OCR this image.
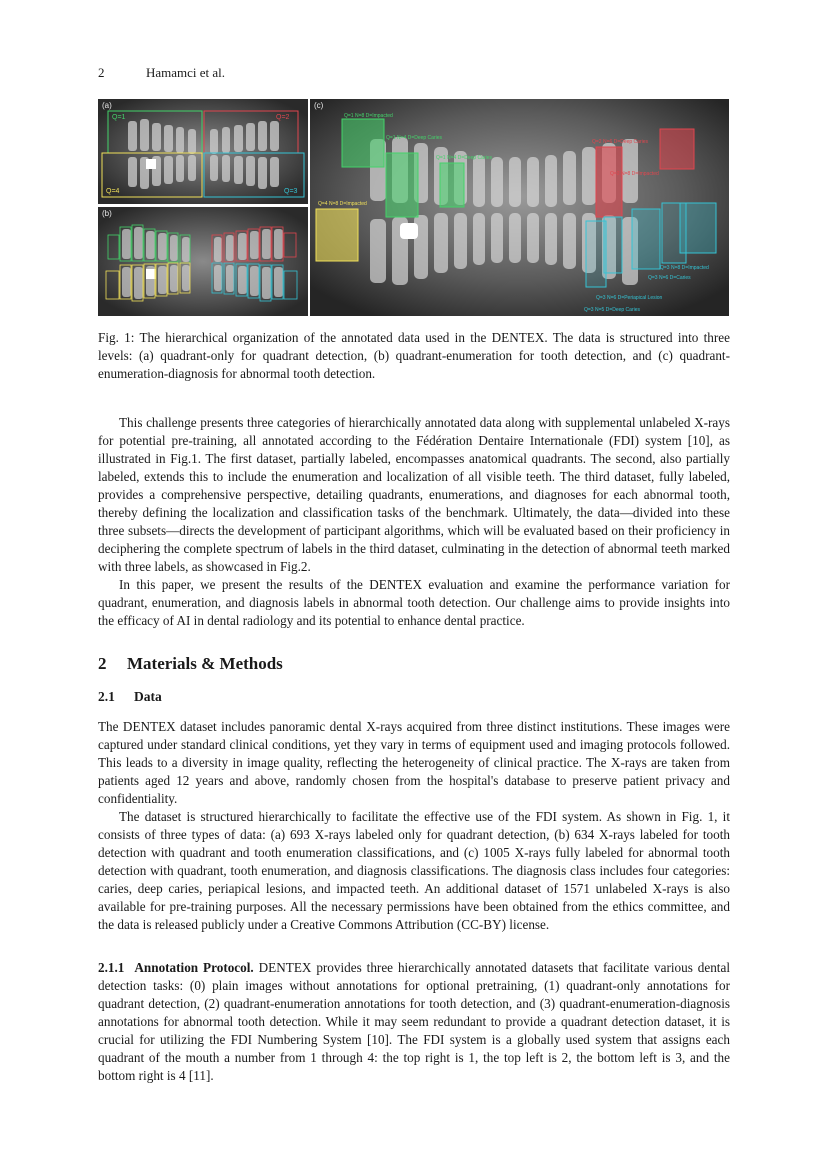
2	Hamamci et al.
Q=1	Q=2
Q=4	Q=3
(a)
(b)
Q=1 N=8 D=Impacted
Q=1 N=4 D=Deep Caries
Q=1 N=4 D=Deep Caries
Q=2 N=8 D=Impacted
Q=4 N=8 D=Impacted
Q=2 N=6 D=Deep Caries
Q=3 N=8 D=Impacted
Q=3 N=6 D=Caries
Q=3 N=6 D=Periapical Lesion
Q=3 N=5 D=Deep Caries
(c)
Fig. 1: The hierarchical organization of the annotated data used in the DENTEX. The data is structured into three levels: (a) quadrant-only for quadrant detection, (b) quadrant-enumeration for tooth detection, and (c) quadrant-enumeration-diagnosis for abnormal tooth detection.

This challenge presents three categories of hierarchically annotated data along with supplemental unlabeled X-rays for potential pre-training, all annotated according to the Fédération Dentaire Internationale (FDI) system [10], as illustrated in Fig.1. The first dataset, partially labeled, encompasses anatomical quadrants. The second, also partially labeled, extends this to include the enumeration and localization of all visible teeth. The third dataset, fully labeled, provides a comprehensive perspective, detailing quadrants, enumerations, and diagnoses for each abnormal tooth, thereby defining the localization and classification tasks of the benchmark. Ultimately, the data—divided into these three subsets—directs the development of participant algorithms, which will be evaluated based on their proficiency in deciphering the complete spectrum of labels in the third dataset, culminating in the detection of abnormal teeth marked with three labels, as showcased in Fig.2.

In this paper, we present the results of the DENTEX evaluation and examine the performance variation for quadrant, enumeration, and diagnosis labels in abnormal tooth detection. Our challenge aims to provide insights into the efficacy of AI in dental radiology and its potential to enhance dental practice.

2 Materials & Methods
2.1 Data

The DENTEX dataset includes panoramic dental X-rays acquired from three distinct institutions. These images were captured under standard clinical conditions, yet they vary in terms of equipment used and imaging protocols followed. This leads to a diversity in image quality, reflecting the heterogeneity of clinical practice. The X-rays are taken from patients aged 12 years and above, randomly chosen from the hospital's database to preserve patient privacy and confidentiality.

The dataset is structured hierarchically to facilitate the effective use of the FDI system. As shown in Fig. 1, it consists of three types of data: (a) 693 X-rays labeled only for quadrant detection, (b) 634 X-rays labeled for tooth detection with quadrant and tooth enumeration classifications, and (c) 1005 X-rays fully labeled for abnormal tooth detection with quadrant, tooth enumeration, and diagnosis classifications. The diagnosis class includes four categories: caries, deep caries, periapical lesions, and impacted teeth. An additional dataset of 1571 unlabeled X-rays is also available for pre-training purposes. All the necessary permissions have been obtained from the ethics committee, and the data is released publicly under a Creative Commons Attribution (CC-BY) license.

2.1.1 Annotation Protocol. DENTEX provides three hierarchically annotated datasets that facilitate various dental detection tasks: (0) plain images without annotations for optional pretraining, (1) quadrant-only annotations for quadrant detection, (2) quadrant-enumeration annotations for tooth detection, and (3) quadrant-enumeration-diagnosis annotations for abnormal tooth detection. While it may seem redundant to provide a quadrant detection dataset, it is crucial for utilizing the FDI Numbering System [10]. The FDI system is a globally used system that assigns each quadrant of the mouth a number from 1 through 4: the top right is 1, the top left is 2, the bottom left is 3, and the bottom right is 4 [11].
